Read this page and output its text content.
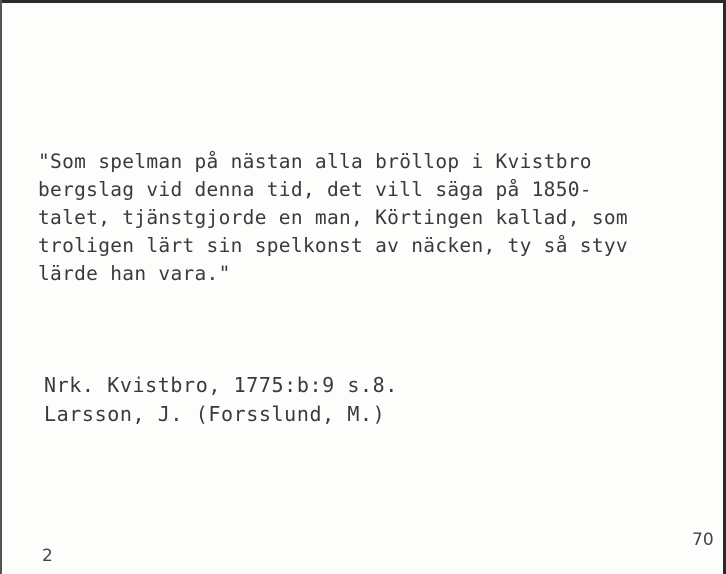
"Som spelman på nästan alla bröllop i Kvistbro
bergslag vid denna tid, det vill säga på 1850-
talet, tjänstgjorde en man, Körtingen kallad, som
troligen lärt sin spelkonst av näcken, ty så styv
lärde han vara."
Nrk. Kvistbro, 1775:b:9 s.8.
Larsson, J. (Forsslund, M.)
2
70
